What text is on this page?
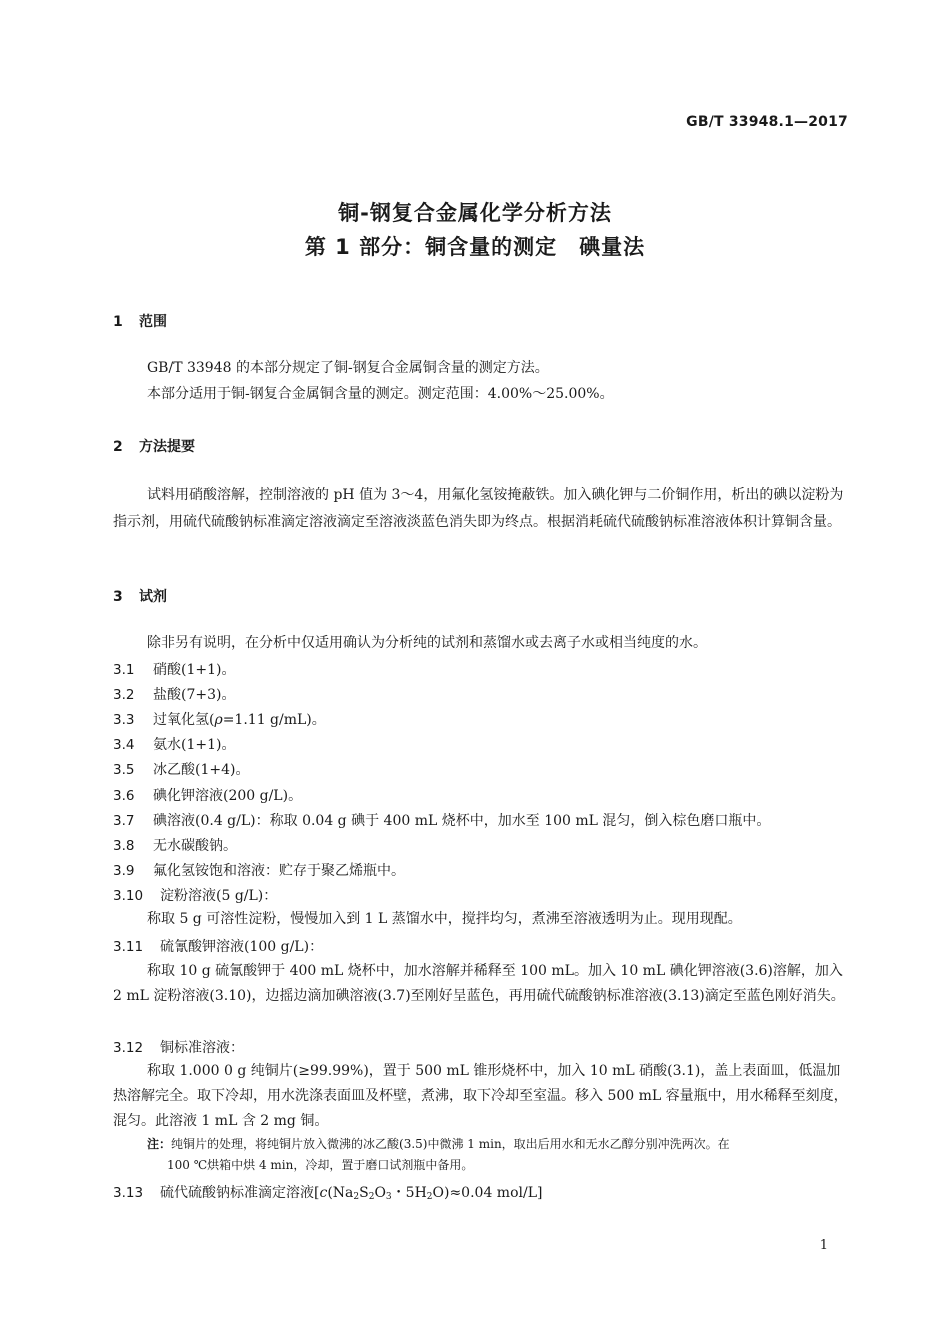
GB/T 33948.1—2017
铜-钢复合金属化学分析方法
第 1 部分：铜含量的测定　碘量法
1 范围
GB/T 33948 的本部分规定了铜-钢复合金属铜含量的测定方法。
本部分适用于铜-钢复合金属铜含量的测定。测定范围：4.00%～25.00%。
2 方法提要
试料用硝酸溶解，控制溶液的 pH 值为 3～4，用氟化氢铵掩蔽铁。加入碘化钾与二价铜作用，析出的碘以淀粉为指示剂，用硫代硫酸钠标准滴定溶液滴定至溶液淡蓝色消失即为终点。根据消耗硫代硫酸钠标准溶液体积计算铜含量。
3 试剂
除非另有说明，在分析中仅适用确认为分析纯的试剂和蒸馏水或去离子水或相当纯度的水。
3.1 硝酸(1+1)。
3.2 盐酸(7+3)。
3.3 过氧化氢(ρ=1.11 g/mL)。
3.4 氨水(1+1)。
3.5 冰乙酸(1+4)。
3.6 碘化钾溶液(200 g/L)。
3.7 碘溶液(0.4 g/L)：称取 0.04 g 碘于 400 mL 烧杯中，加水至 100 mL 混匀，倒入棕色磨口瓶中。
3.8 无水碳酸钠。
3.9 氟化氢铵饱和溶液：贮存于聚乙烯瓶中。
3.10 淀粉溶液(5 g/L)：
称取 5 g 可溶性淀粉，慢慢加入到 1 L 蒸馏水中，搅拌均匀，煮沸至溶液透明为止。现用现配。
3.11 硫氰酸钾溶液(100 g/L)：
称取 10 g 硫氰酸钾于 400 mL 烧杯中，加水溶解并稀释至 100 mL。加入 10 mL 碘化钾溶液(3.6)溶解，加入 2 mL 淀粉溶液(3.10)，边摇边滴加碘溶液(3.7)至刚好呈蓝色，再用硫代硫酸钠标准溶液(3.13)滴定至蓝色刚好消失。
3.12 铜标准溶液：
称取 1.000 0 g 纯铜片(≥99.99%)，置于 500 mL 锥形烧杯中，加入 10 mL 硝酸(3.1)，盖上表面皿，低温加热溶解完全。取下冷却，用水洗涤表面皿及杯壁，煮沸，取下冷却至室温。移入 500 mL 容量瓶中，用水稀释至刻度，混匀。此溶液 1 mL 含 2 mg 铜。
注：纯铜片的处理，将纯铜片放入微沸的冰乙酸(3.5)中微沸 1 min，取出后用水和无水乙醇分别冲洗两次。在
100 ℃烘箱中烘 4 min，冷却，置于磨口试剂瓶中备用。
3.13 硫代硫酸钠标准滴定溶液[$c(Na_2S_2O_3$・$5H_2O)\approx 0.04$ mol/L]
1
